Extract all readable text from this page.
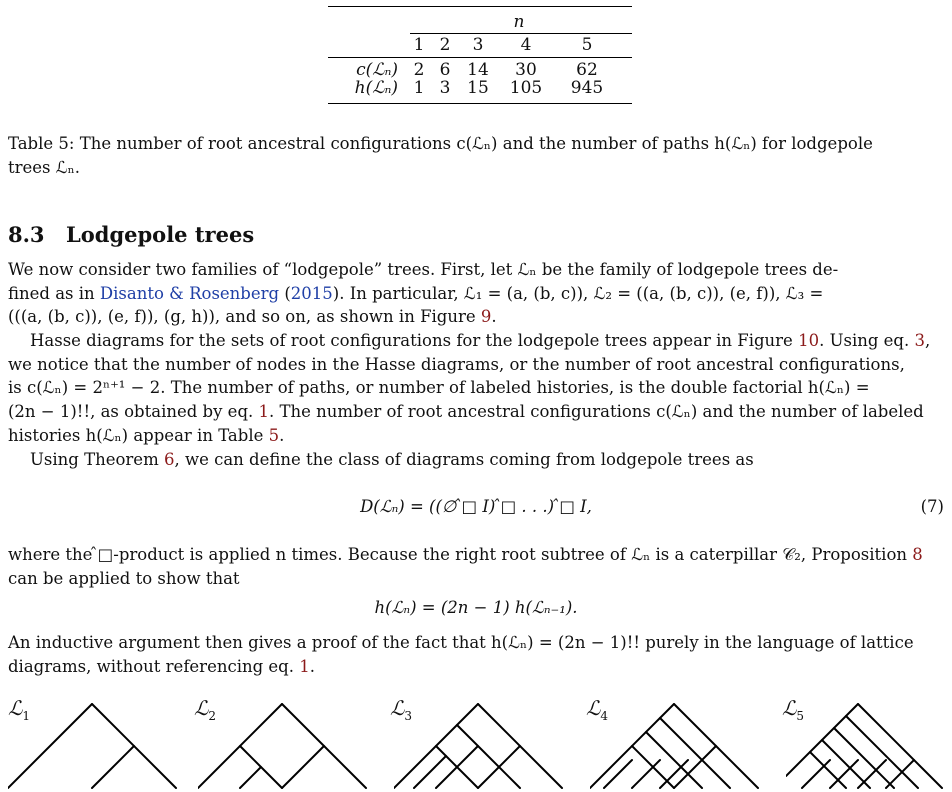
n
1 2	3	4	5
c(ℒₙ) 2 6 14	30	62
h(ℒₙ) 1 3 15	105	945
Table 5: The number of root ancestral configurations c(ℒₙ) and the number of paths h(ℒₙ) for lodgepole
trees ℒₙ.
8.3 Lodgepole trees
We now consider two families of “lodgepole” trees. First, let ℒₙ be the family of lodgepole trees de-
fined as in Disanto & Rosenberg (2015). In particular, ℒ₁ = (a, (b, c)), ℒ₂ = ((a, (b, c)), (e, f)), ℒ₃ =
(((a, (b, c)), (e, f)), (g, h)), and so on, as shown in Figure 9.
Hasse diagrams for the sets of root configurations for the lodgepole trees appear in Figure 10. Using eq. 3,
we notice that the number of nodes in the Hasse diagrams, or the number of root ancestral configurations,
is c(ℒₙ) = 2ⁿ⁺¹ − 2. The number of paths, or number of labeled histories, is the double factorial h(ℒₙ) =
(2n − 1)!!, as obtained by eq. 1. The number of root ancestral configurations c(ℒₙ) and the number of labeled
histories h(ℒₙ) appear in Table 5.
Using Theorem 6, we can define the class of diagrams coming from lodgepole trees as
D(ℒₙ) = ((∅ ̂□ I) ̂□ . . .) ̂□ I,	(7)
where the ̂□-product is applied n times. Because the right root subtree of ℒₙ is a caterpillar 𝒞₂, Proposition 8
can be applied to show that
h(ℒₙ) = (2n − 1) h(ℒₙ₋₁).
An inductive argument then gives a proof of the fact that h(ℒₙ) = (2n − 1)!! purely in the language of lattice
diagrams, without referencing eq. 1.
ℒ$_1$	ℒ$_2$	ℒ$_3$	ℒ$_4$	ℒ$_5$
